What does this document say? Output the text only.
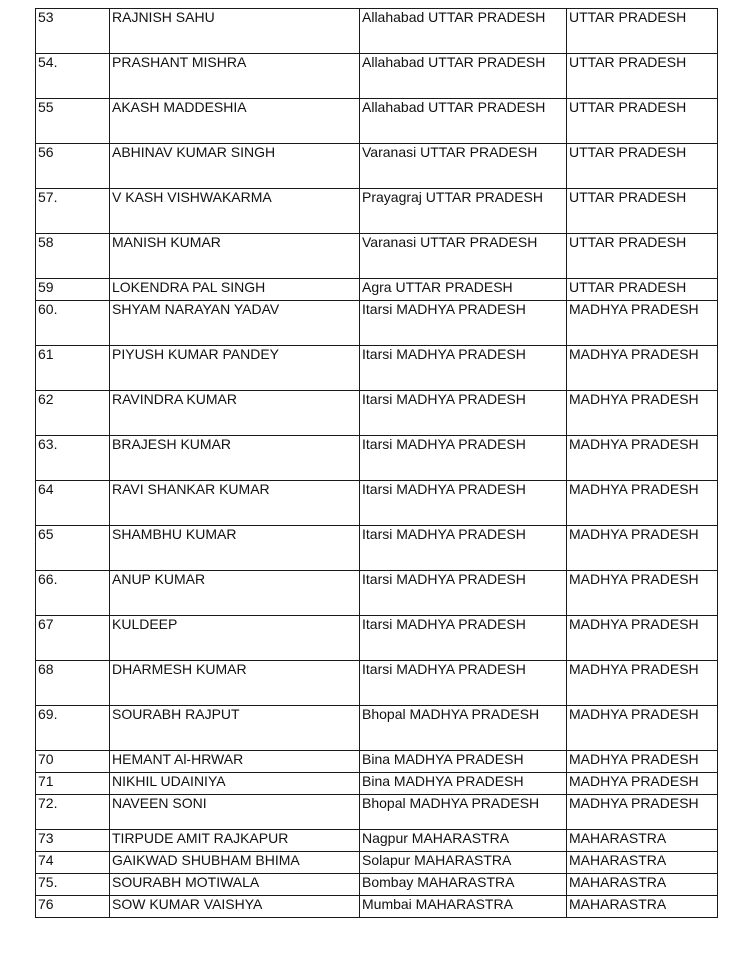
53	RAJNISH SAHU	Allahabad UTTAR PRADESH	UTTAR PRADESH
54.	PRASHANT MISHRA	Allahabad UTTAR PRADESH	UTTAR PRADESH
55	AKASH MADDESHIA	Allahabad UTTAR PRADESH	UTTAR PRADESH
56	ABHINAV KUMAR SINGH	Varanasi UTTAR PRADESH	UTTAR PRADESH
57.	V KASH VISHWAKARMA	Prayagraj UTTAR PRADESH	UTTAR PRADESH
58	MANISH KUMAR	Varanasi UTTAR PRADESH	UTTAR PRADESH
59	LOKENDRA PAL SINGH	Agra UTTAR PRADESH	UTTAR PRADESH
60.	SHYAM NARAYAN YADAV	Itarsi MADHYA PRADESH	MADHYA PRADESH
61	PIYUSH KUMAR PANDEY	Itarsi MADHYA PRADESH	MADHYA PRADESH
62	RAVINDRA KUMAR	Itarsi MADHYA PRADESH	MADHYA PRADESH
63.	BRAJESH KUMAR	Itarsi MADHYA PRADESH	MADHYA PRADESH
64	RAVI SHANKAR KUMAR	Itarsi MADHYA PRADESH	MADHYA PRADESH
65	SHAMBHU KUMAR	Itarsi MADHYA PRADESH	MADHYA PRADESH
66.	ANUP KUMAR	Itarsi MADHYA PRADESH	MADHYA PRADESH
67	KULDEEP	Itarsi MADHYA PRADESH	MADHYA PRADESH
68	DHARMESH KUMAR	Itarsi MADHYA PRADESH	MADHYA PRADESH
69.	SOURABH RAJPUT	Bhopal MADHYA PRADESH	MADHYA PRADESH
70	HEMANT Al-HRWAR	Bina MADHYA PRADESH	MADHYA PRADESH
71	NIKHIL UDAINIYA	Bina MADHYA PRADESH	MADHYA PRADESH
72.	NAVEEN SONI	Bhopal MADHYA PRADESH	MADHYA PRADESH
73	TIRPUDE AMIT RAJKAPUR	Nagpur MAHARASTRA	MAHARASTRA
74	GAIKWAD SHUBHAM BHIMA	Solapur MAHARASTRA	MAHARASTRA
75.	SOURABH MOTIWALA	Bombay MAHARASTRA	MAHARASTRA
76	SOW KUMAR VAISHYA	Mumbai MAHARASTRA	MAHARASTRA
